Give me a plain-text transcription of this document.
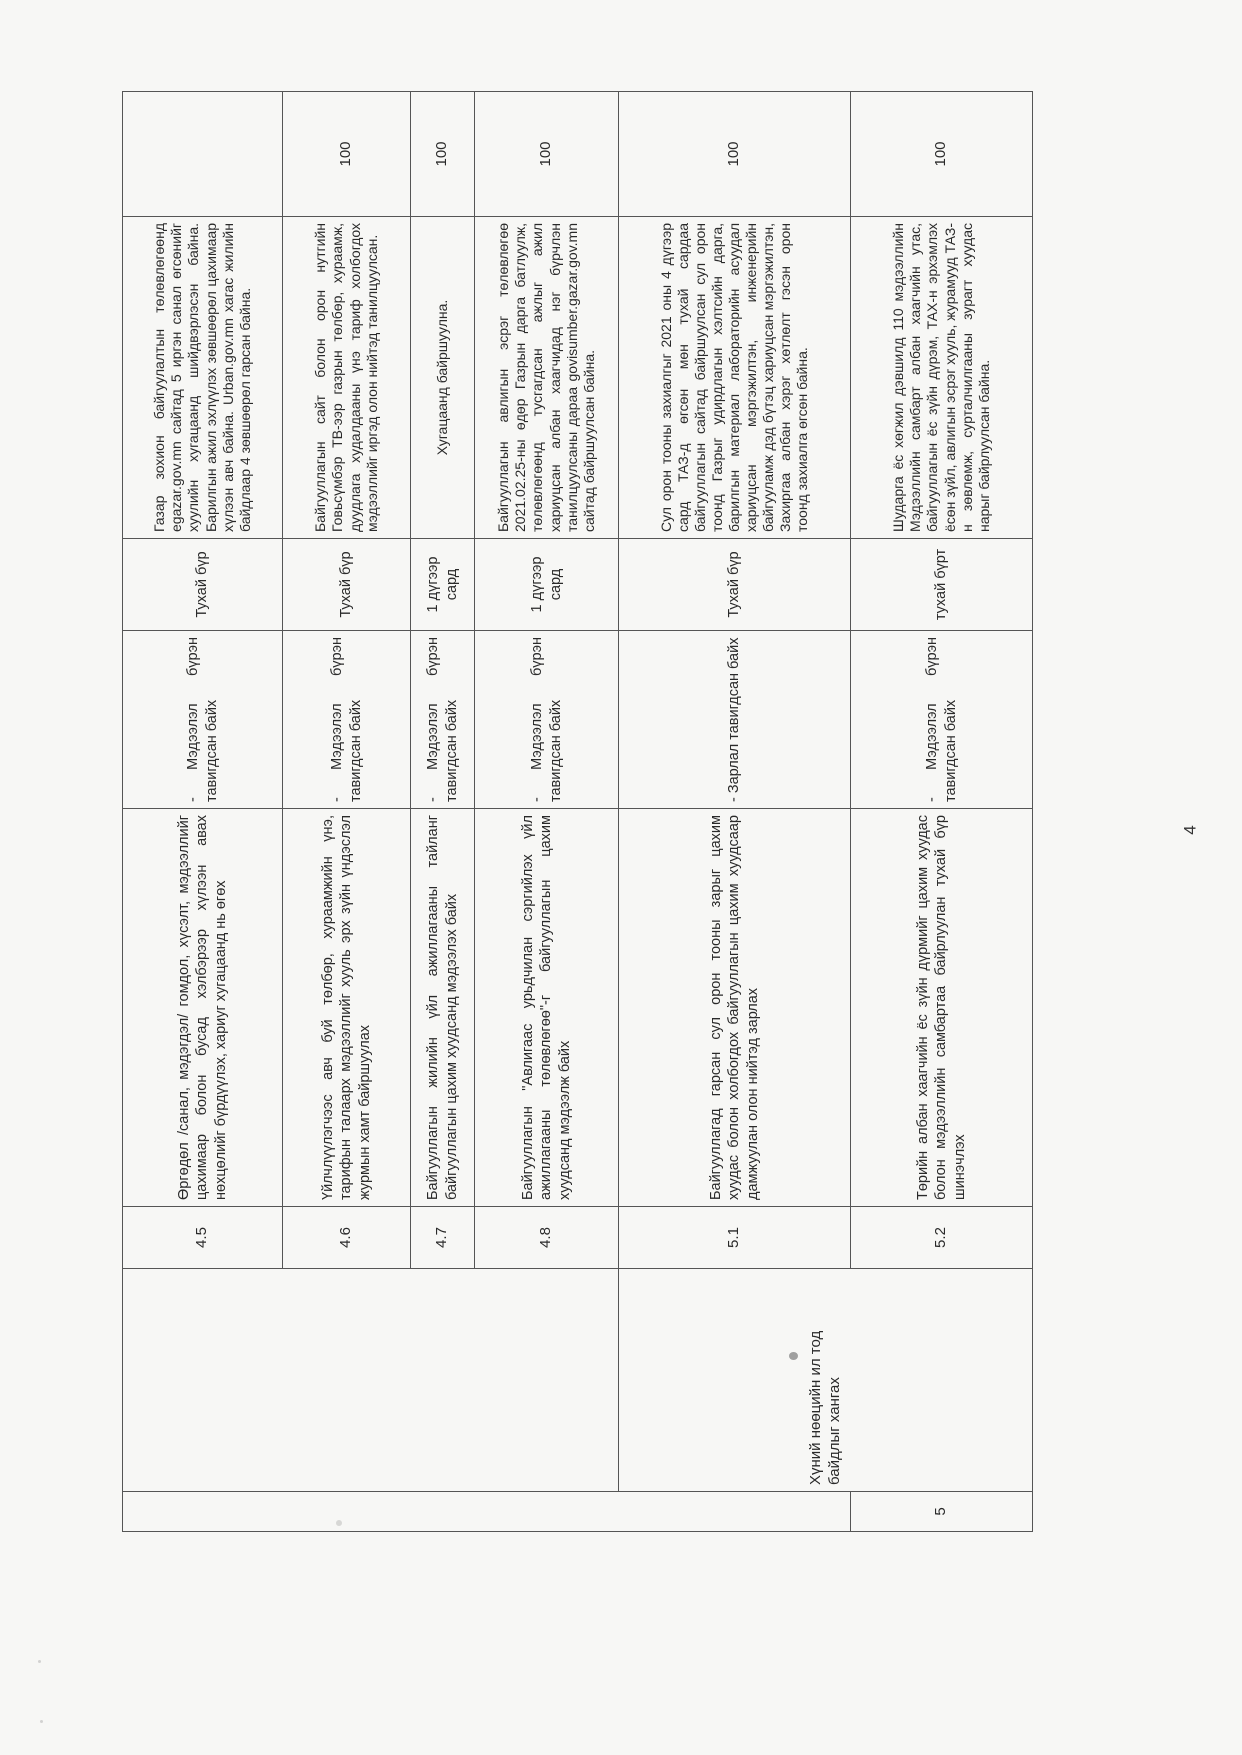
		4.5	Өргөдөл /санал, мэдэгдэл/ гомдол, хүсэлт, мэдээллийг цахимаар болон бусад хэлбэрээр хүлээн авах нөхцөлийг бүрдүүлэх, хариуг хугацаанд нь өгөх	- Мэдээлэл бүрэн тавигдсан байх	Тухай бүр	Газар зохион байгуулалтын төлөвлөгөөнд egazar.gov.mn сайтад 5 иргэн санал өгсөнийг хуулийн хугацаанд шийдвэрлэсэн байна. Барилгын ажил эхлүүлэх зөвшөөрөл цахимаар хүлээн авч байна. Urban.gov.mn хагас жилийн байдлаар 4 зөвшөөрөл гарсан байна.	
		4.6	Үйлчлүүлэгчээс авч буй төлбөр, хураамжийн үнэ, тарифын талаарх мэдээллийг хууль эрх зүйн үндэслэл журмын хамт байршуулах	- Мэдээлэл бүрэн тавигдсан байх	Тухай бүр	Байгууллагын сайт болон орон нутгийн Говьсүмбэр ТВ-ээр газрын төлбөр, хураамж, дуудлага худалдааны үнэ тариф холбогдох мэдээллийг иргэд олон нийтэд танилцуулсан.	100
		4.7	Байгууллагын жилийн үйл ажиллагааны тайланг байгууллагын цахим хуудсанд мэдээлэх байх	- Мэдээлэл бүрэн тавигдсан байх	1 дүгээр сард	Хугацаанд байршуулна.	100
		4.8	Байгууллагын "Авлигаас урьдчилан сэргийлэх үйл ажиллагааны төлөвлөгөө"-г байгууллагын цахим хуудсанд мэдээлж байх	- Мэдээлэл бүрэн тавигдсан байх	1 дүгээр сард	Байгууллагын авлигын эсрэг төлөвлөгөө 2021.02.25-ны өдөр Газрын дарга батлуулж, төлөвлөгөөнд тусгагдсан ажлыг ажил хариуцсан албан хаагчидад нэг бүрчлэн танилцуулсаны дараа govisumber.gazar.gov.mn сайтад байршуулсан байна.	100
	Хүний нөөцийн ил тод байдлыг хангах	5.1	Байгууллагад гарсан сул орон тооны зарыг цахим хуудас болон холбогдох байгууллагын цахим хуудсаар дамжуулан олон нийтэд зарлах	- Зарлал тавигдсан байх	Тухай бүр	Сул орон тооны захиалгыг 2021 оны 4 дүгээр сард ТАЗ-д өгсөн мөн тухай сардаа байгууллагын сайтад байршуулсан сул орон тоонд Газрыг удирдлагын хэлтсийн дарга, барилгын материал лабораторийн асуудал хариуцсан мэргэжилтэн, инженерийн байгууламж дэд бүтэц хариуцсан мэргэжилтэн, Захиргаа албан хэрэг хөтлөлт гэсэн орон тоонд захиалга өгсөн байна.	100
5		5.2	Төрийн албан хаагчийн ёс зүйн дүрмийг цахим хуудас болон мэдээллийн самбартаа байрлуулан тухай бүр шинэчлэх	- Мэдээлэл бүрэн тавигдсан байх	тухай бүрт	Шударга ёс хөгжил дэвшилд 110 мэдээллийн Мэдээллийн самбарт албан хаагчийн утас, байгууллагын ёс зүйн дүрэм, ТАХ-н эрхэмлэх ёсөн зүйл, авлигын эсрэг хууль, журамууд ТАЗ-н зөвлөмж, сурталчилгааны зурагт хуудас нарыг байрлуулсан байна.	100
4
